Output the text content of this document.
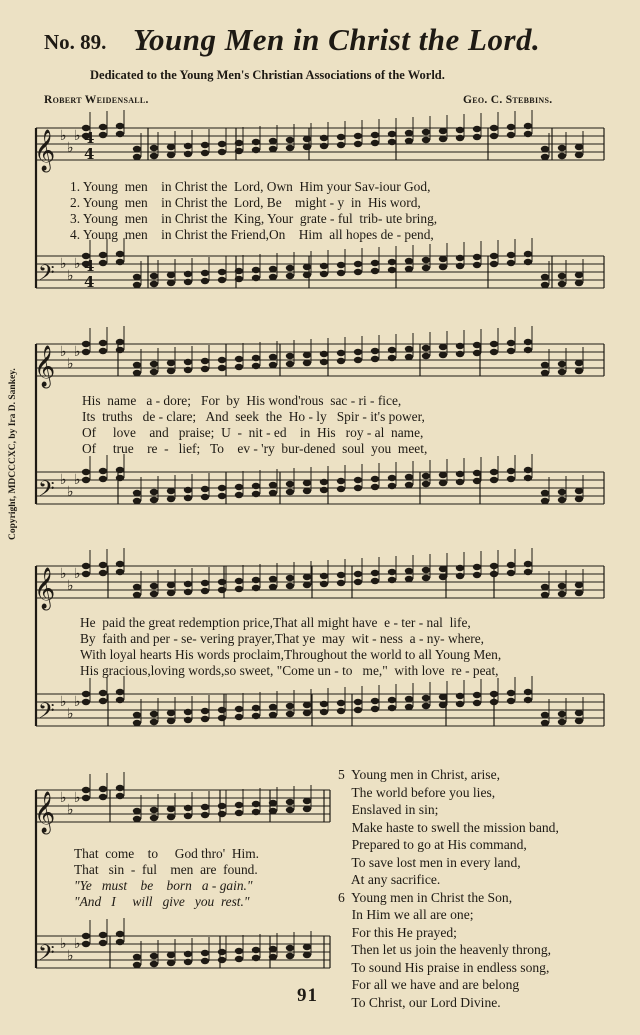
♭
♭
♭
𝄞 4
4
♭
♭
♭
𝄢 4
4
♭
♭
♭
𝄞
♭
♭
♭
𝄢
♭
♭
♭
𝄞
♭
♭
♭
𝄢
♭
♭
♭
𝄞
♭
♭
♭
𝄢
No. 89. Young Men in Christ the Lord.
Dedicated to the Young Men's Christian Associations of the World.
Robert Weidensall.	Geo. C. Stebbins.
Copyright, MDCCCXC, by Ira D. Sankey.
1. Young  men    in Christ the  Lord, Own  Him your Sav-iour God,
2. Young  men    in Christ the  Lord, Be    might - y  in  His word,
3. Young  men    in Christ the  King, Your  grate - ful  trib- ute bring,
4. Young  men    in Christ the Friend,On    Him  all hopes de - pend,
His  name   a - dore;   For  by  His wond'rous  sac - ri - fice,
Its  truths   de - clare;   And  seek  the  Ho - ly   Spir - it's power,
Of     love    and   praise;  U  -  nit - ed    in  His   roy - al  name,
Of     true    re  -   lief;   To    ev - 'ry  bur-dened  soul  you  meet,
He  paid the great redemption price,That all might have  e - ter - nal  life,
By  faith and per - se- vering prayer,That ye  may  wit - ness  a - ny- where,
With loyal hearts His words proclaim,Throughout the world to all Young Men,
His gracious,loving words,so sweet, "Come un - to   me,"  with love  re - peat,
That  come    to     God thro'  Him.
That   sin  -  ful    men  are  found.
"Ye   must    be    born   a - gain."
"And   I     will   give   you  rest."
5  Young men in Christ, arise,
The world before you lies,
Enslaved in sin;
Make haste to swell the mission band,
Prepared to go at His command,
To save lost men in every land,
At any sacrifice.
6  Young men in Christ the Son,
In Him we all are one;
For this He prayed;
Then let us join the heavenly throng,
To sound His praise in endless song,
For all we have and are belong
To Christ, our Lord Divine.
91
